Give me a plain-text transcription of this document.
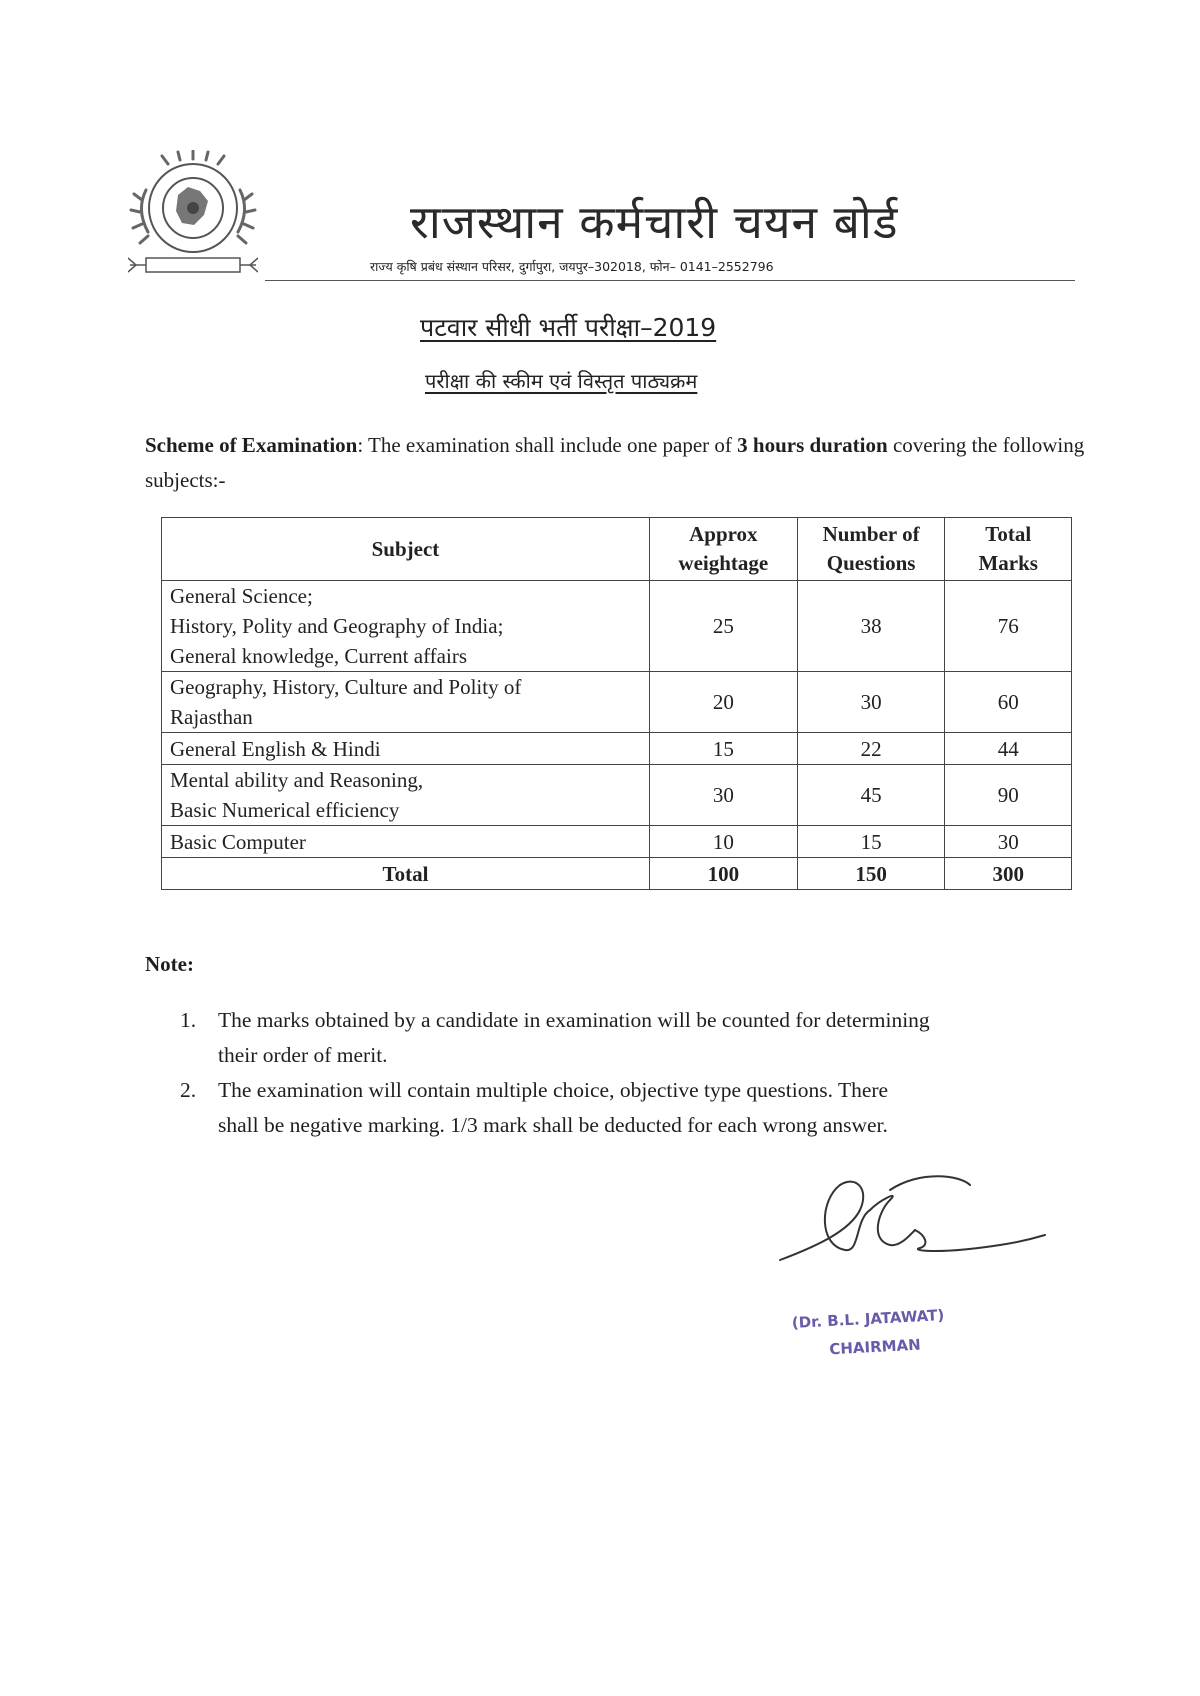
राजस्थान कर्मचारी चयन बोर्ड
राज्य कृषि प्रबंध संस्थान परिसर, दुर्गापुरा, जयपुर–302018, फोन– 0141–2552796
पटवार सीधी भर्ती परीक्षा–2019
परीक्षा की स्कीम एवं विस्तृत पाठ्यक्रम
Scheme of Examination: The examination shall include one paper of 3 hours duration covering the following subjects:-
Subject	Approx weightage	Number of Questions	Total Marks

General Science;
History, Polity and Geography of India;
General knowledge, Current affairs	25	38	76

Geography, History, Culture and Polity of
Rajasthan	20	30	60

General English & Hindi	15	22	44

Mental ability and Reasoning,
Basic Numerical efficiency	30	45	90

Basic Computer	10	15	30
Total	100	150	300
Note:
1. The marks obtained by a candidate in examination will be counted for determining
their order of merit.
2. The examination will contain multiple choice, objective type questions. There
shall be negative marking. 1/3 mark shall be deducted for each wrong answer.
(Dr. B.L. JATAWAT)
CHAIRMAN
